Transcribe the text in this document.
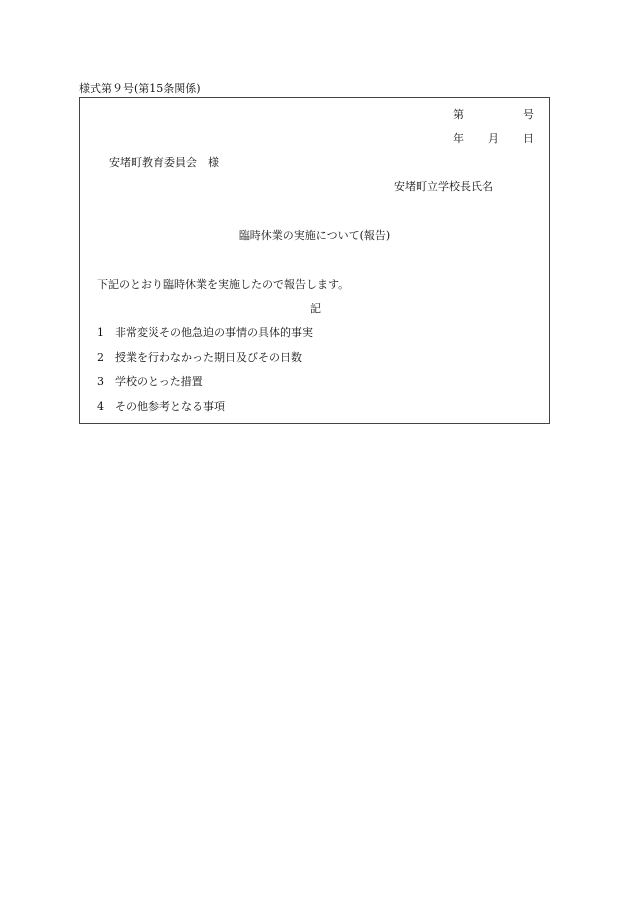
様式第９号(第15条関係)
第	号
年 月 日
安堵町教育委員会　様
安堵町立学校長氏名
臨時休業の実施について(報告)
下記のとおり臨時休業を実施したので報告します。
記
1 非常変災その他急迫の事情の具体的事実
2 授業を行わなかった期日及びその日数
3 学校のとった措置
4 その他参考となる事項
